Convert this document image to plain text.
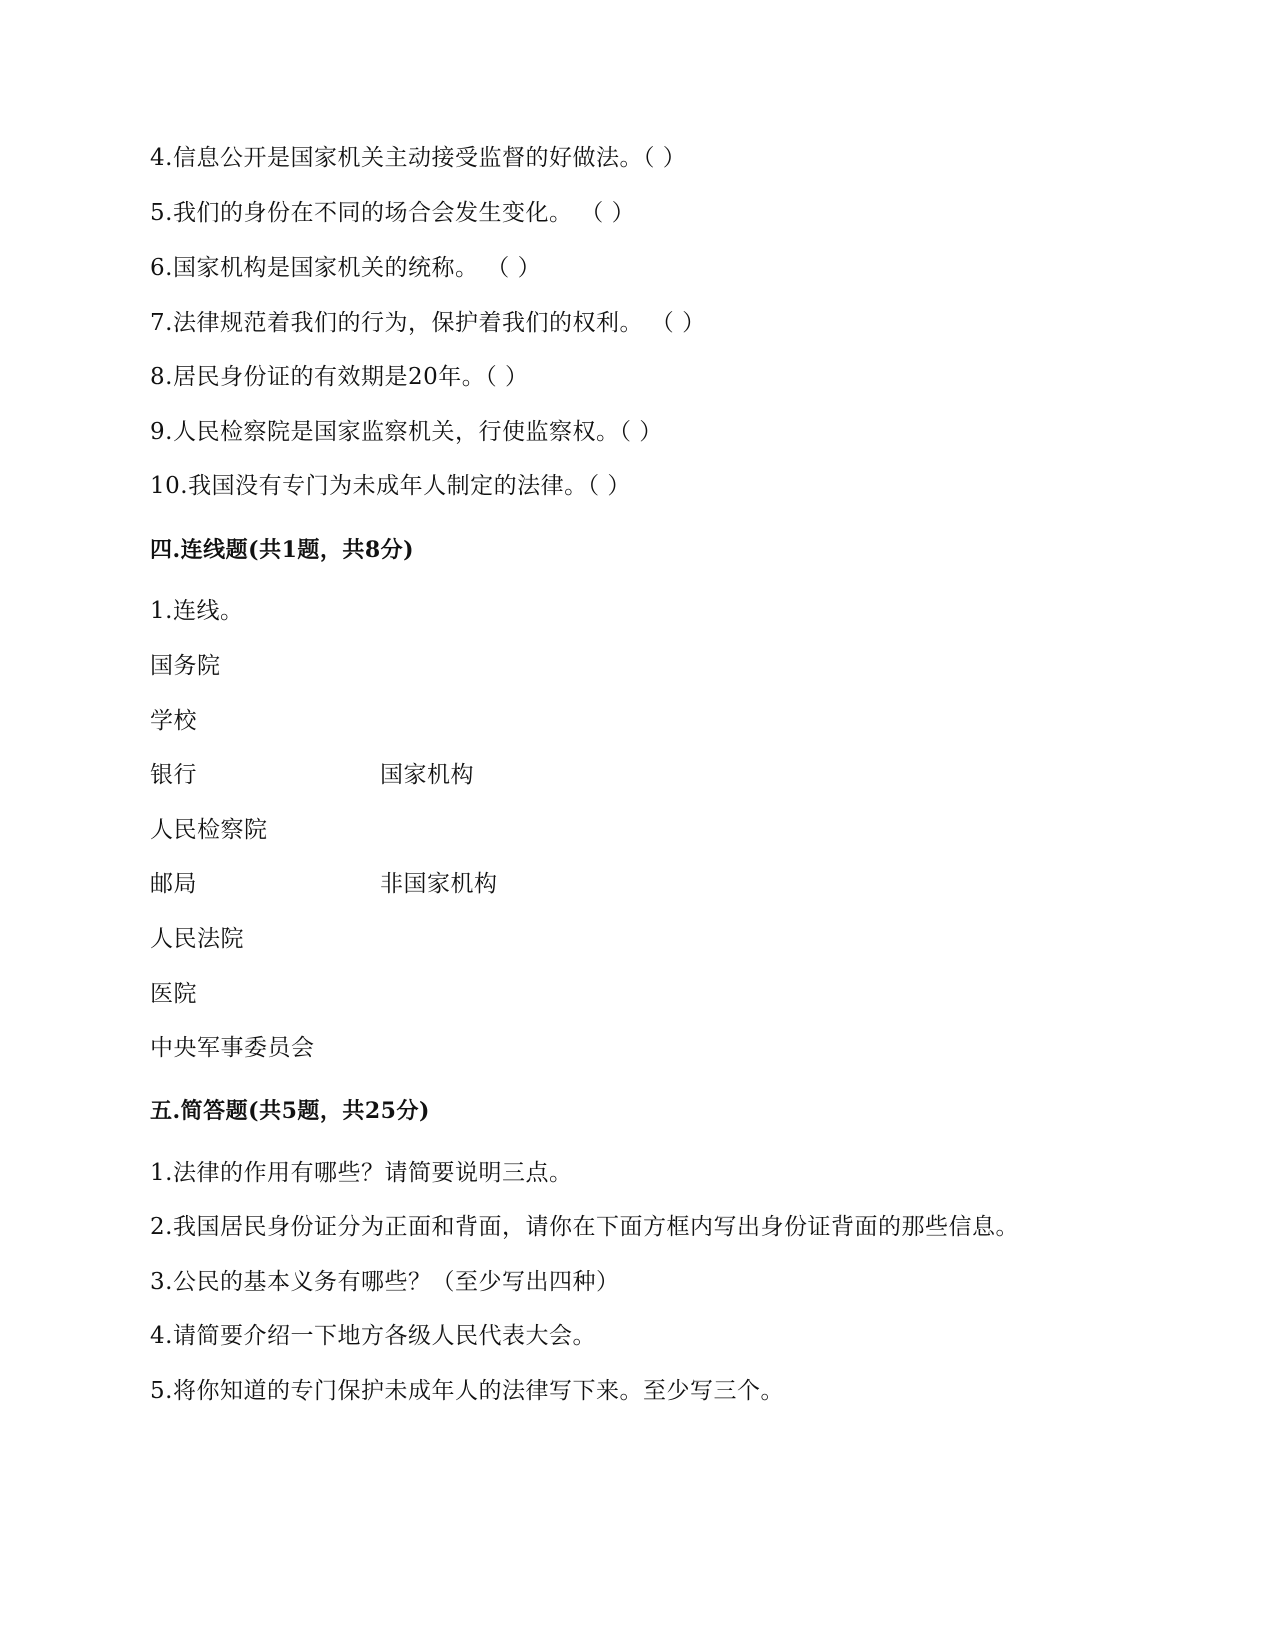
4.信息公开是国家机关主动接受监督的好做法。（ ）
5.我们的身份在不同的场合会发生变化。 （ ）
6.国家机构是国家机关的统称。 （ ）
7.法律规范着我们的行为，保护着我们的权利。 （ ）
8.居民身份证的有效期是20年。（ ）
9.人民检察院是国家监察机关，行使监察权。（ ）
10.我国没有专门为未成年人制定的法律。（ ）
四.连线题(共1题，共8分)
1.连线。
国务院
学校
银行	国家机构
人民检察院
邮局	非国家机构
人民法院
医院
中央军事委员会
五.简答题(共5题，共25分)
1.法律的作用有哪些？请简要说明三点。
2.我国居民身份证分为正面和背面，请你在下面方框内写出身份证背面的那些信息。
3.公民的基本义务有哪些？（至少写出四种）
4.请简要介绍一下地方各级人民代表大会。
5.将你知道的专门保护未成年人的法律写下来。至少写三个。
